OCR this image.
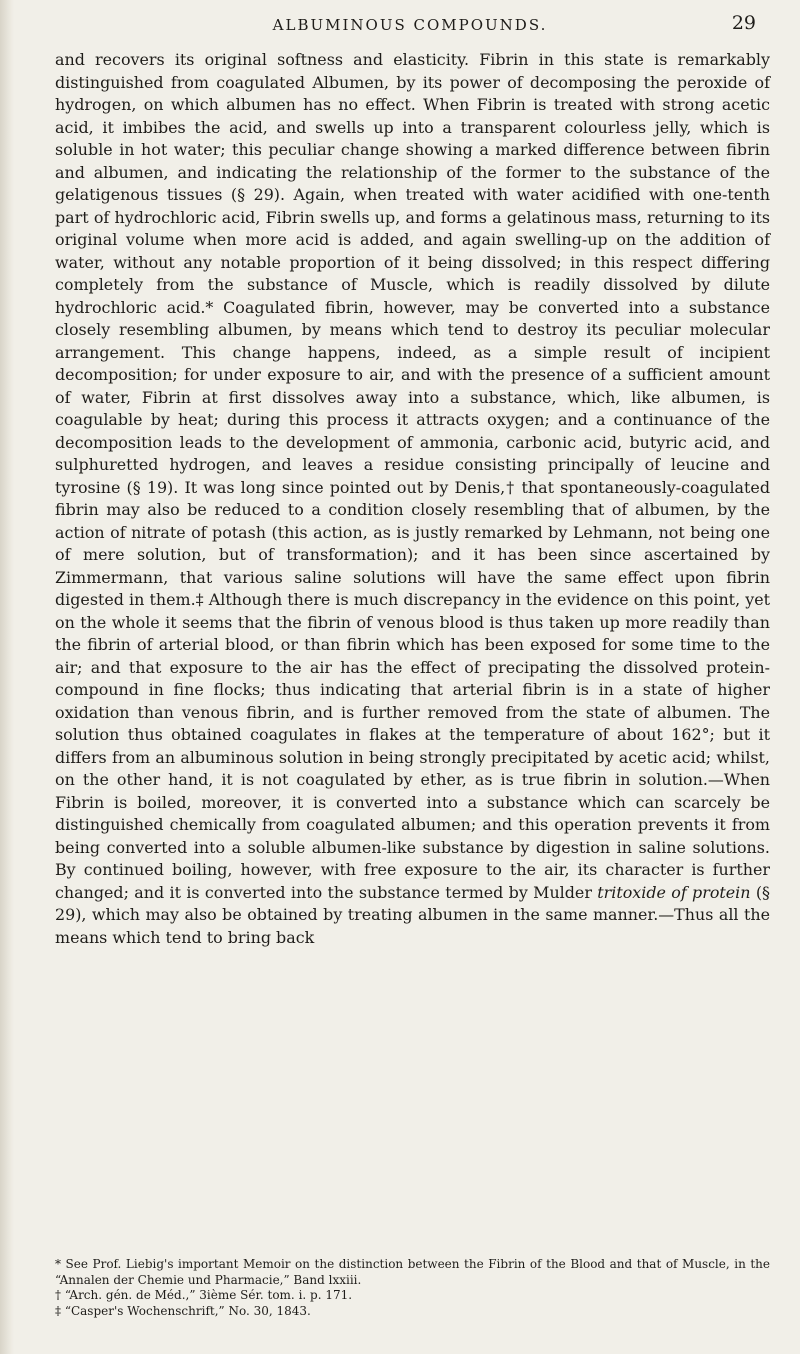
ALBUMINOUS COMPOUNDS.	29

and recovers its original softness and elasticity. Fibrin in this state is remarkably distinguished from coagulated Albumen, by its power of decomposing the peroxide of hydrogen, on which albumen has no effect. When Fibrin is treated with strong acetic acid, it imbibes the acid, and swells up into a transparent colourless jelly, which is soluble in hot water; this peculiar change showing a marked difference between fibrin and albumen, and indicating the relationship of the former to the substance of the gelatigenous tissues (§ 29). Again, when treated with water acidified with one-tenth part of hydrochloric acid, Fibrin swells up, and forms a gelatinous mass, returning to its original volume when more acid is added, and again swelling-up on the addition of water, without any notable proportion of it being dissolved; in this respect differing completely from the substance of Muscle, which is readily dissolved by dilute hydrochloric acid.* Coagulated fibrin, however, may be converted into a substance closely resembling albumen, by means which tend to destroy its peculiar molecular arrangement. This change happens, indeed, as a simple result of incipient decomposition; for under exposure to air, and with the presence of a sufficient amount of water, Fibrin at first dissolves away into a substance, which, like albumen, is coagulable by heat; during this process it attracts oxygen; and a continuance of the decomposition leads to the development of ammonia, carbonic acid, butyric acid, and sulphuretted hydrogen, and leaves a residue consisting principally of leucine and tyrosine (§ 19). It was long since pointed out by Denis,† that spontaneously-coagulated fibrin may also be reduced to a condition closely resembling that of albumen, by the action of nitrate of potash (this action, as is justly remarked by Lehmann, not being one of mere solution, but of transformation); and it has been since ascertained by Zimmermann, that various saline solutions will have the same effect upon fibrin digested in them.‡ Although there is much discrepancy in the evidence on this point, yet on the whole it seems that the fibrin of venous blood is thus taken up more readily than the fibrin of arterial blood, or than fibrin which has been exposed for some time to the air; and that exposure to the air has the effect of precipating the dissolved protein-compound in fine flocks; thus indicating that arterial fibrin is in a state of higher oxidation than venous fibrin, and is further removed from the state of albumen. The solution thus obtained coagulates in flakes at the temperature of about 162°; but it differs from an albuminous solution in being strongly precipitated by acetic acid; whilst, on the other hand, it is not coagulated by ether, as is true fibrin in solution.—When Fibrin is boiled, moreover, it is converted into a substance which can scarcely be distinguished chemically from coagulated albumen; and this operation prevents it from being converted into a soluble albumen-like substance by digestion in saline solutions. By continued boiling, however, with free exposure to the air, its character is further changed; and it is converted into the substance termed by Mulder tritoxide of protein (§ 29), which may also be obtained by treating albumen in the same manner.—Thus all the means which tend to bring back

* See Prof. Liebig's important Memoir on the distinction between the Fibrin of the Blood and that of Muscle, in the “Annalen der Chemie und Pharmacie,” Band lxxiii.

† “Arch. gén. de Méd.,” 3ième Sér. tom. i. p. 171.

‡ “Casper's Wochenschrift,” No. 30, 1843.
